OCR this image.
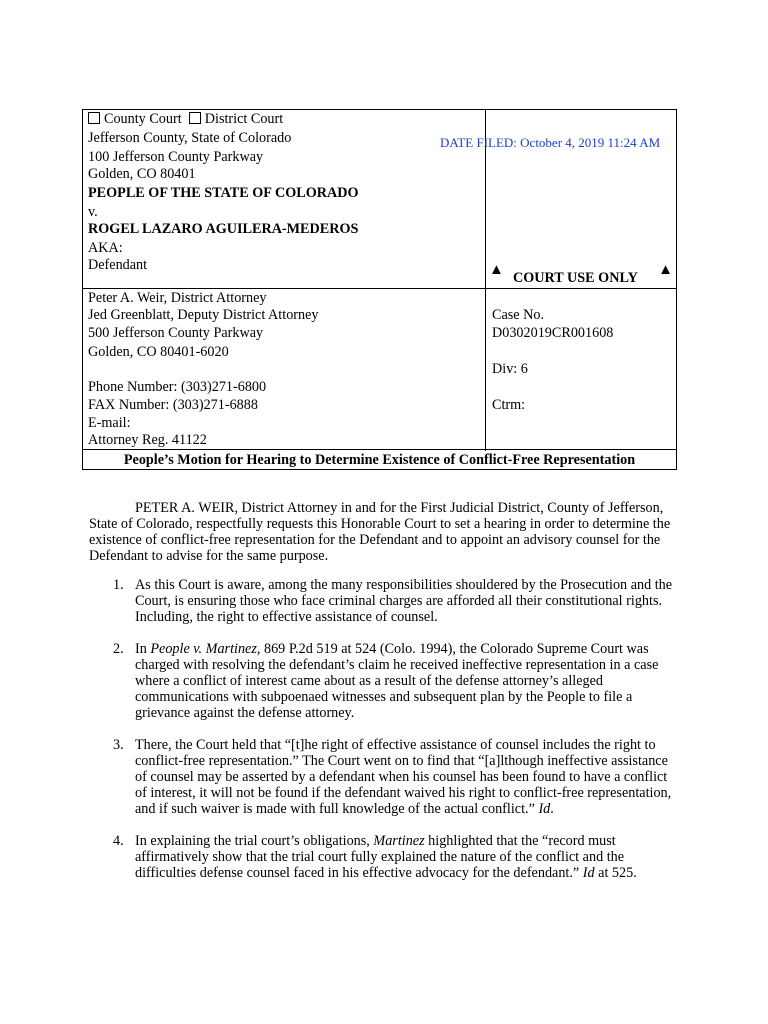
County Court District Court
Jefferson County, State of Colorado
100 Jefferson County Parkway
Golden, CO 80401
DATE FILED: October 4, 2019 11:24 AM
PEOPLE OF THE STATE OF COLORADO
v.
ROGEL LAZARO AGUILERA-MEDEROS
AKA:
Defendant	▲ COURT USE ONLY ▲
Peter A. Weir, District Attorney
Jed Greenblatt, Deputy District Attorney
500 Jefferson County Parkway
Golden, CO 80401-6020
Phone Number: (303)271-6800
FAX Number: (303)271-6888
E-mail:
Attorney Reg. 41122
Case No.
D0302019CR001608
Div: 6
Ctrm:
People’s Motion for Hearing to Determine Existence of Conflict-Free Representation

PETER A. WEIR, District Attorney in and for the First Judicial District, County of Jefferson, State of Colorado, respectfully requests this Honorable Court to set a hearing in order to determine the existence of conflict-free representation for the Defendant and to appoint an advisory counsel for the Defendant to advise for the same purpose.

1. As this Court is aware, among the many responsibilities shouldered by the Prosecution and the Court, is ensuring those who face criminal charges are afforded all their constitutional rights. Including, the right to effective assistance of counsel.

2. In People v. Martinez, 869 P.2d 519 at 524 (Colo. 1994), the Colorado Supreme Court was charged with resolving the defendant’s claim he received ineffective representation in a case where a conflict of interest came about as a result of the defense attorney’s alleged communications with subpoenaed witnesses and subsequent plan by the People to file a grievance against the defense attorney.

3. There, the Court held that “[t]he right of effective assistance of counsel includes the right to conflict-free representation.” The Court went on to find that “[a]lthough ineffective assistance of counsel may be asserted by a defendant when his counsel has been found to have a conflict of interest, it will not be found if the defendant waived his right to conflict-free representation, and if such waiver is made with full knowledge of the actual conflict.” Id.

4. In explaining the trial court’s obligations, Martinez highlighted that the “record must affirmatively show that the trial court fully explained the nature of the conflict and the difficulties defense counsel faced in his effective advocacy for the defendant.” Id at 525.
